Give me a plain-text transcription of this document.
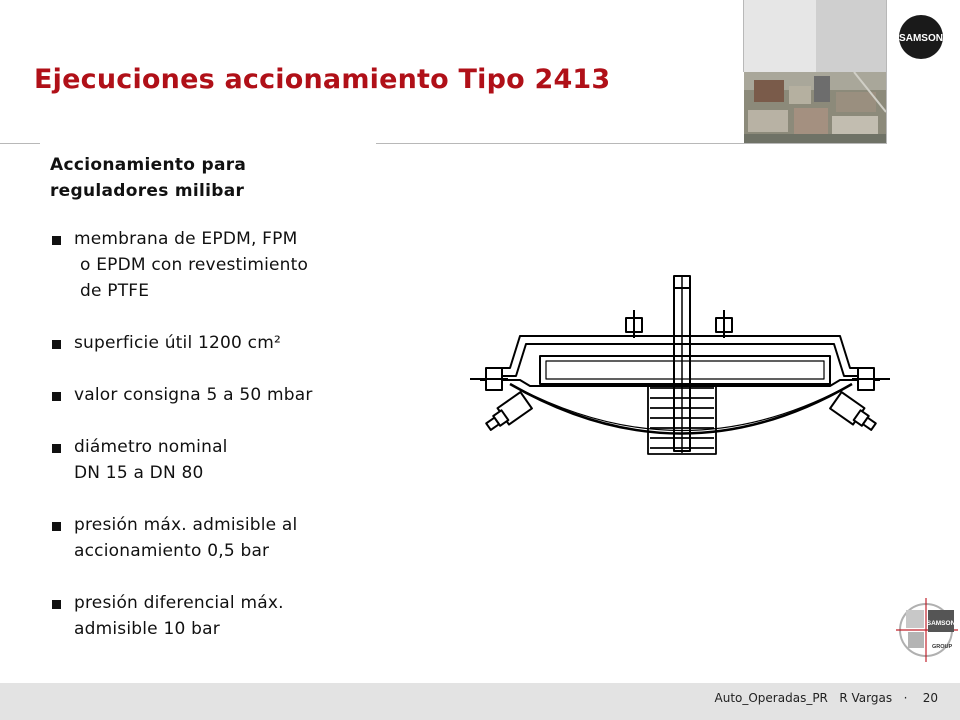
SAMSON
Ejecuciones accionamiento Tipo 2413

Accionamiento para
reguladores milibar

membrana de EPDM, FPM
o EPDM con revestimiento
de PTFE
superficie útil 1200 cm²
valor consigna 5 a 50 mbar
diámetro nominal
DN 15 a DN 80
presión máx. admisible al
accionamiento 0,5 bar
presión diferencial máx.
admisible 10 bar	SAMSON
GROUP
Auto_Operadas_PR R Vargas · 20
